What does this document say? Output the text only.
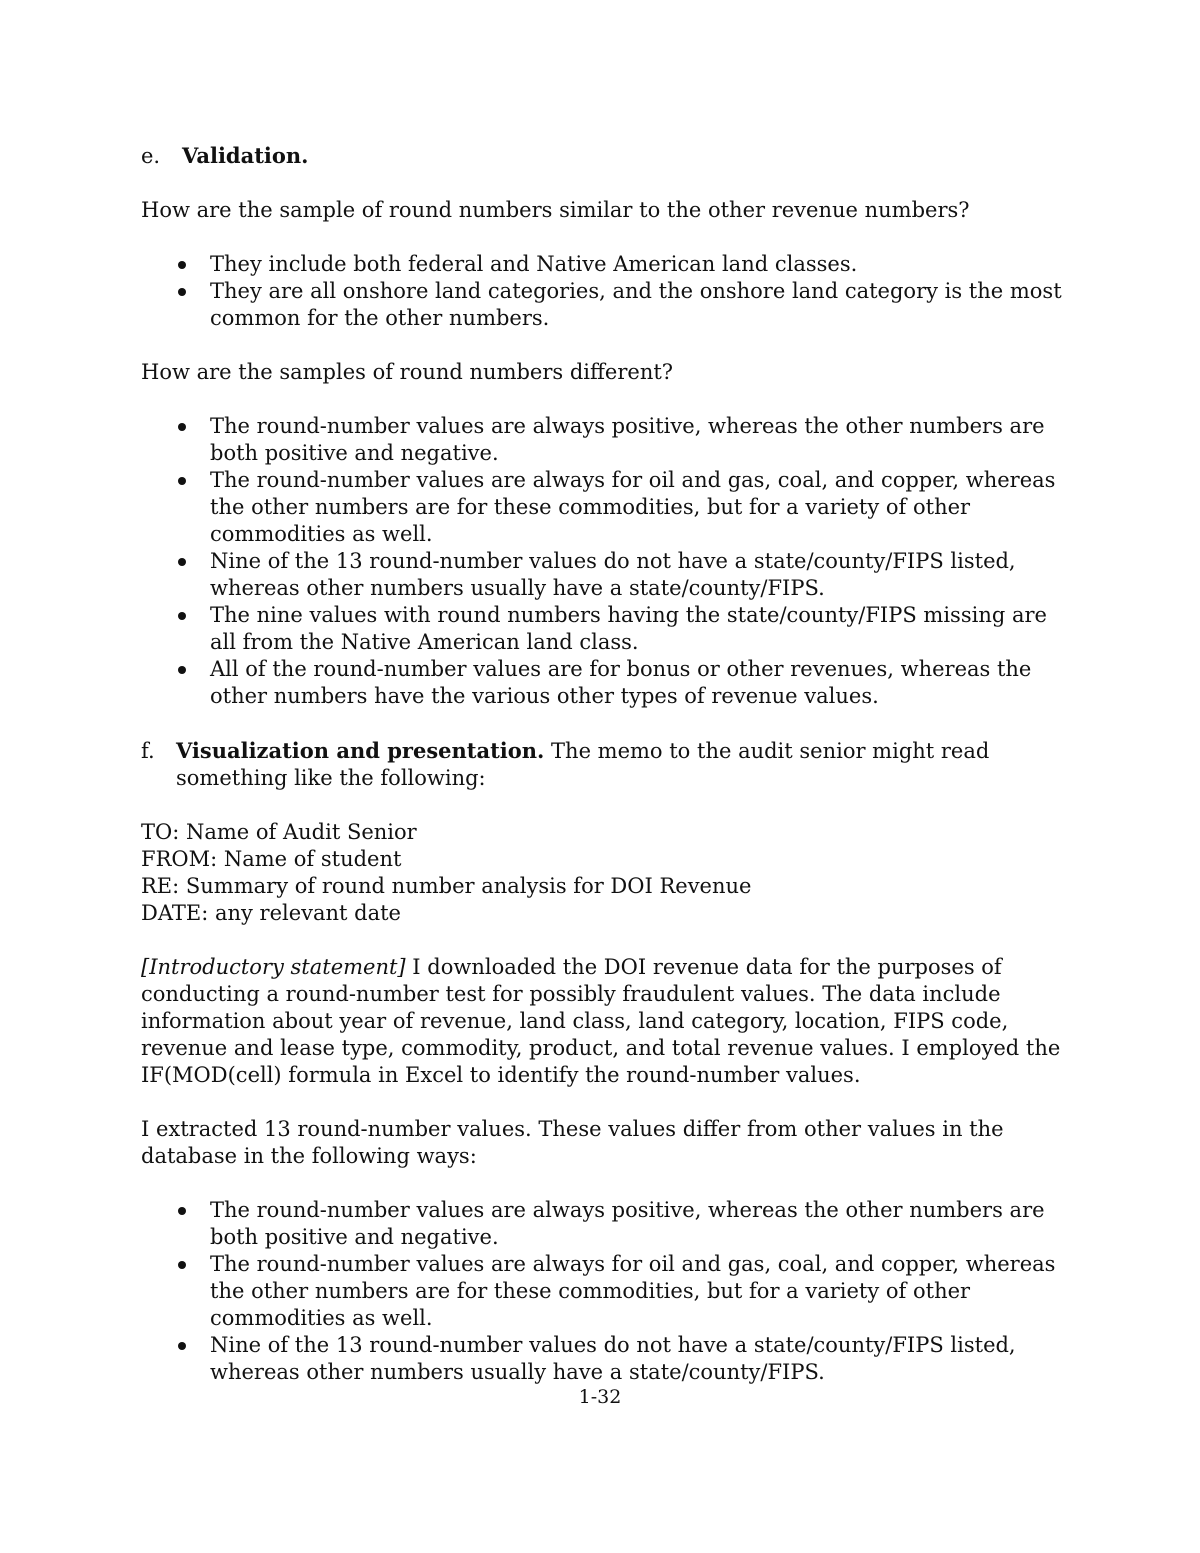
e.	Validation.

How are the sample of round numbers similar to the other revenue numbers?

They include both federal and Native American land classes.
They are all onshore land categories, and the onshore land category is the most common for the other numbers.

How are the samples of round numbers different?

The round-number values are always positive, whereas the other numbers are both positive and negative.
The round-number values are always for oil and gas, coal, and copper, whereas the other numbers are for these commodities, but for a variety of other commodities as well.
Nine of the 13 round-number values do not have a state/county/FIPS listed, whereas other numbers usually have a state/county/FIPS.
The nine values with round numbers having the state/county/FIPS missing are all from the Native American land class.
All of the round-number values are for bonus or other revenues, whereas the other numbers have the various other types of revenue values.
f.	Visualization and presentation. The memo to the audit senior might read something like the following:

TO: Name of Audit Senior

FROM: Name of student

RE: Summary of round number analysis for DOI Revenue

DATE: any relevant date

[Introductory statement] I downloaded the DOI revenue data for the purposes of conducting a round-number test for possibly fraudulent values. The data include information about year of revenue, land class, land category, location, FIPS code, revenue and lease type, commodity, product, and total revenue values. I employed the IF(MOD(cell) formula in Excel to identify the round-number values.

I extracted 13 round-number values. These values differ from other values in the database in the following ways:

The round-number values are always positive, whereas the other numbers are both positive and negative.
The round-number values are always for oil and gas, coal, and copper, whereas the other numbers are for these commodities, but for a variety of other commodities as well.
Nine of the 13 round-number values do not have a state/county/FIPS listed, whereas other numbers usually have a state/county/FIPS.
1-32
